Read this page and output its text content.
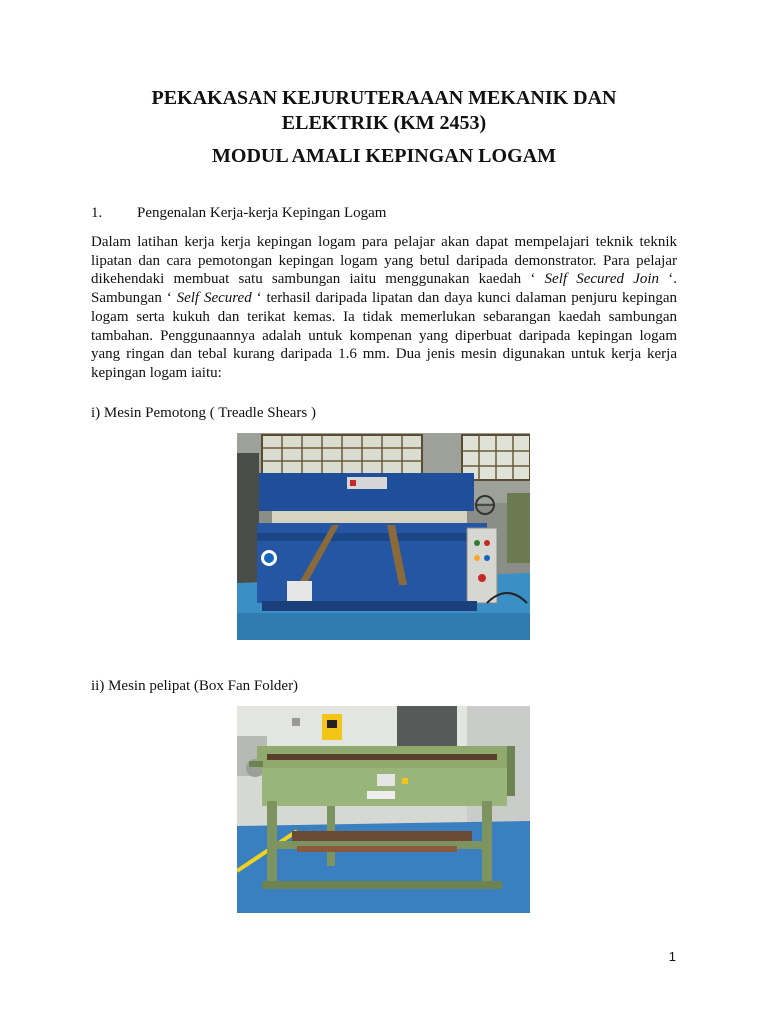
PEKAKASAN KEJURUTERAAAN MEKANIK DAN
ELEKTRIK (KM 2453)
MODUL AMALI KEPINGAN LOGAM
1. Pengenalan Kerja-kerja Kepingan Logam

Dalam latihan kerja kerja kepingan logam para pelajar akan dapat mempelajari teknik teknik lipatan dan cara pemotongan kepingan logam yang betul daripada demonstrator. Para pelajar dikehendaki membuat satu sambungan iaitu menggunakan kaedah ‘ Self Secured Join ‘. Sambungan ‘ Self Secured ‘ terhasil daripada lipatan dan daya kunci dalaman penjuru kepingan logam serta kukuh dan terikat kemas. Ia tidak memerlukan sebarangan kaedah sambungan tambahan. Penggunaannya adalah untuk kompenan yang diperbuat daripada kepingan logam yang ringan dan tebal kurang daripada 1.6 mm. Dua jenis mesin digunakan untuk kerja kerja kepingan logam iaitu:

i) Mesin Pemotong ( Treadle Shears )
ii) Mesin pelipat (Box Fan Folder)
1
